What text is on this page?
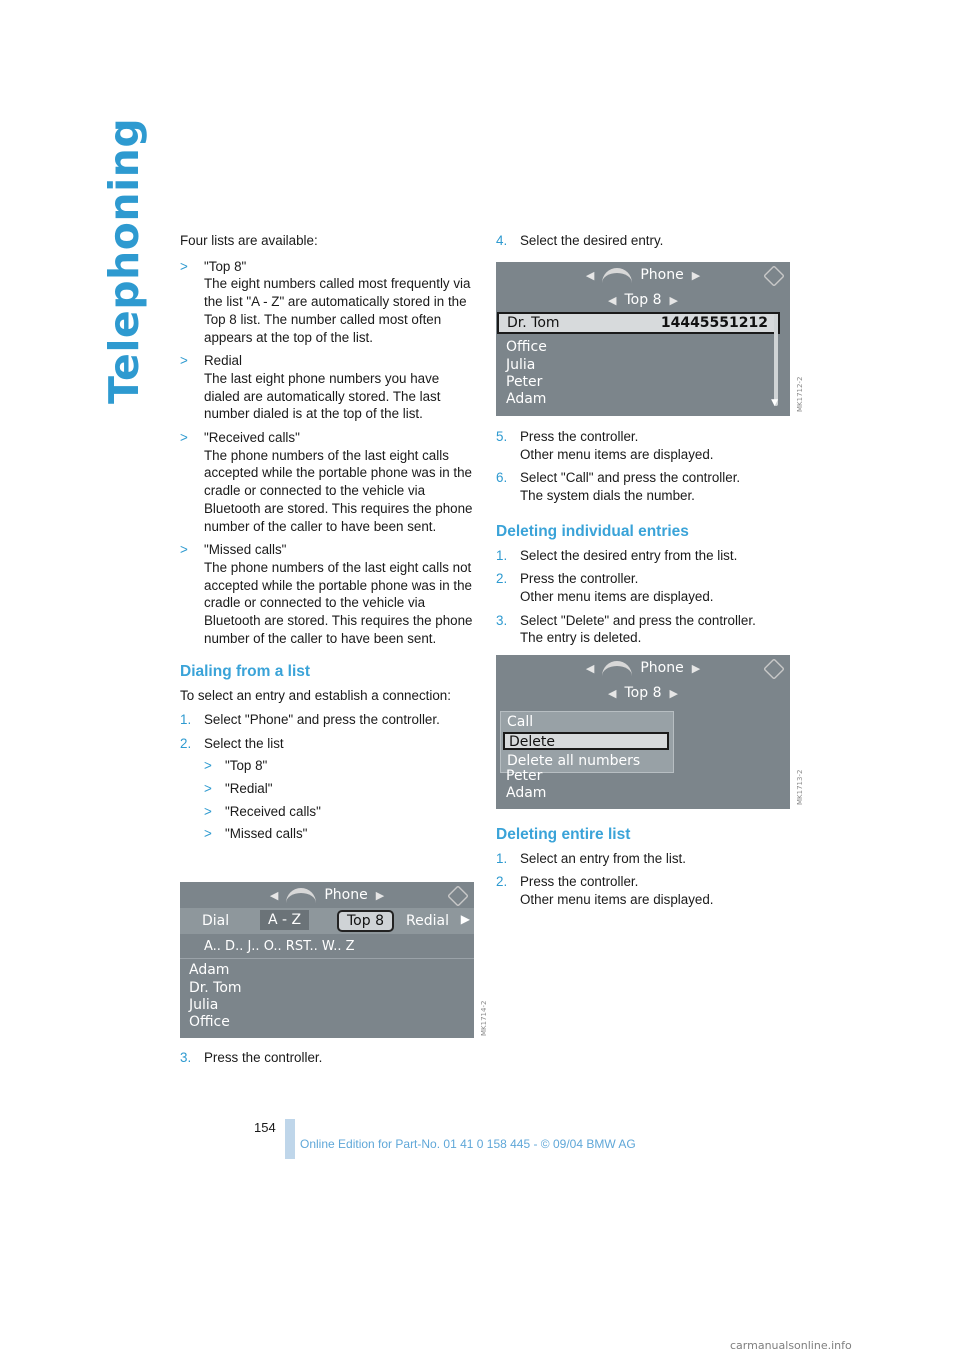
Telephoning Four lists are available:

> "Top 8"
The eight numbers called most frequently via the list "A - Z" are automatically stored in the Top 8 list. The number called most often appears at the top of the list.
> Redial
The last eight phone numbers you have dialed are automatically stored. The last number dialed is at the top of the list.
> "Received calls"
The phone numbers of the last eight calls accepted while the portable phone was in the cradle or connected to the vehicle via Bluetooth are stored. This requires the phone number of the caller to have been sent.
> "Missed calls"
The phone numbers of the last eight calls not accepted while the portable phone was in the cradle or connected to the vehicle via Bluetooth are stored. This requires the phone number of the caller to have been sent.
Dialing from a list

To select an entry and establish a connection:

1. Select "Phone" and press the controller.
2. Select the list
> "Top 8"
> "Redial"
> "Received calls"
> "Missed calls"
◀	Phone ▶
Dial	A - Z	Top 8	Redial ▶
A.. D.. J.. O.. RST.. W.. Z
Adam
Dr. Tom
Julia
Office	MK1714-2
3. Press the controller.
4. Select the desired entry.
◀	Phone ▶
◀ Top 8 ▶
Dr. Tom	14445551212
Office
Julia
Peter
Adam	▼	MK1712-2
5. Press the controller.
Other menu items are displayed.
6. Select "Call" and press the controller.
The system dials the number.
Deleting individual entries
1. Select the desired entry from the list.
2. Press the controller.
Other menu items are displayed.
3. Select "Delete" and press the controller.
The entry is deleted.
◀	Phone ▶
◀ Top 8 ▶
Call
Delete
Delete all numbers
Peter
Adam	MK1713-2
Deleting entire list
1. Select an entry from the list.
2. Press the controller.
Other menu items are displayed.
154
Online Edition for Part-No. 01 41 0 158 445 - © 09/04 BMW AG
carmanualsonline.info
